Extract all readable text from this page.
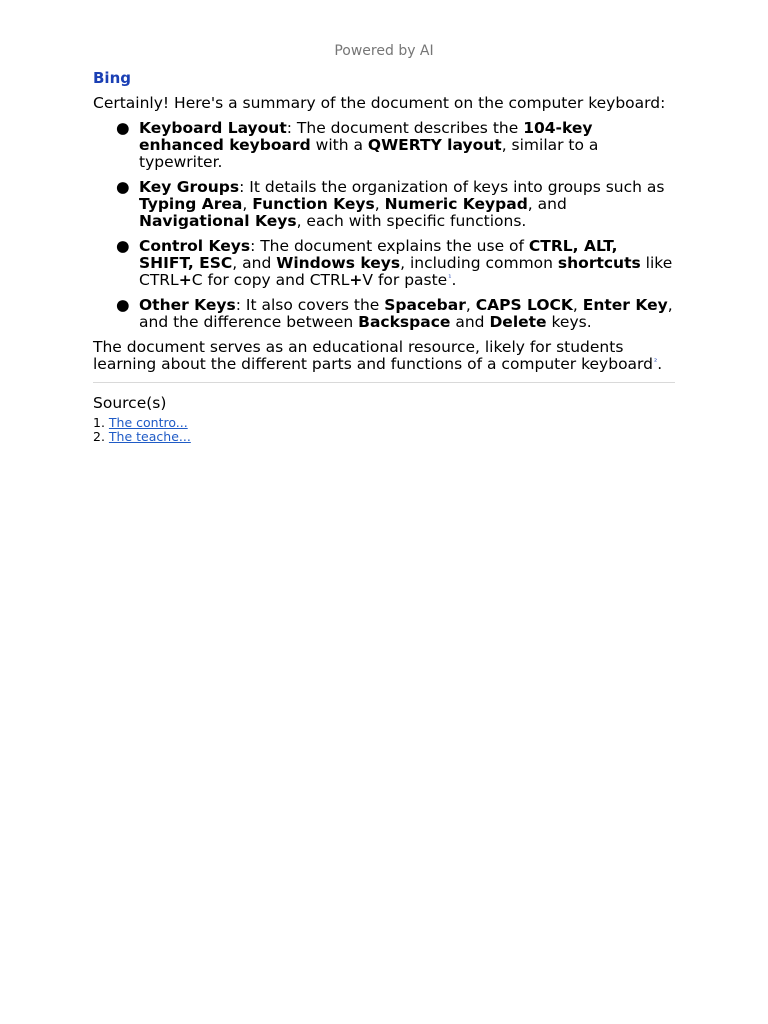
Powered by AI
Bing
Certainly! Here's a summary of the document on the computer keyboard:
● Keyboard Layout: The document describes the 104-key enhanced keyboard with a QWERTY layout, similar to a typewriter.
● Key Groups: It details the organization of keys into groups such as Typing Area, Function Keys, Numeric Keypad, and Navigational Keys, each with specific functions.
● Control Keys: The document explains the use of CTRL, ALT, SHIFT, ESC, and Windows keys, including common shortcuts like CTRL+C for copy and CTRL+V for paste$^{^1}$.
● Other Keys: It also covers the Spacebar, CAPS LOCK, Enter Key, and the difference between Backspace and Delete keys.
The document serves as an educational resource, likely for students learning about the different parts and functions of a computer keyboard$^{^2}$.
Source(s)
1. The contro...
2. The teache...
